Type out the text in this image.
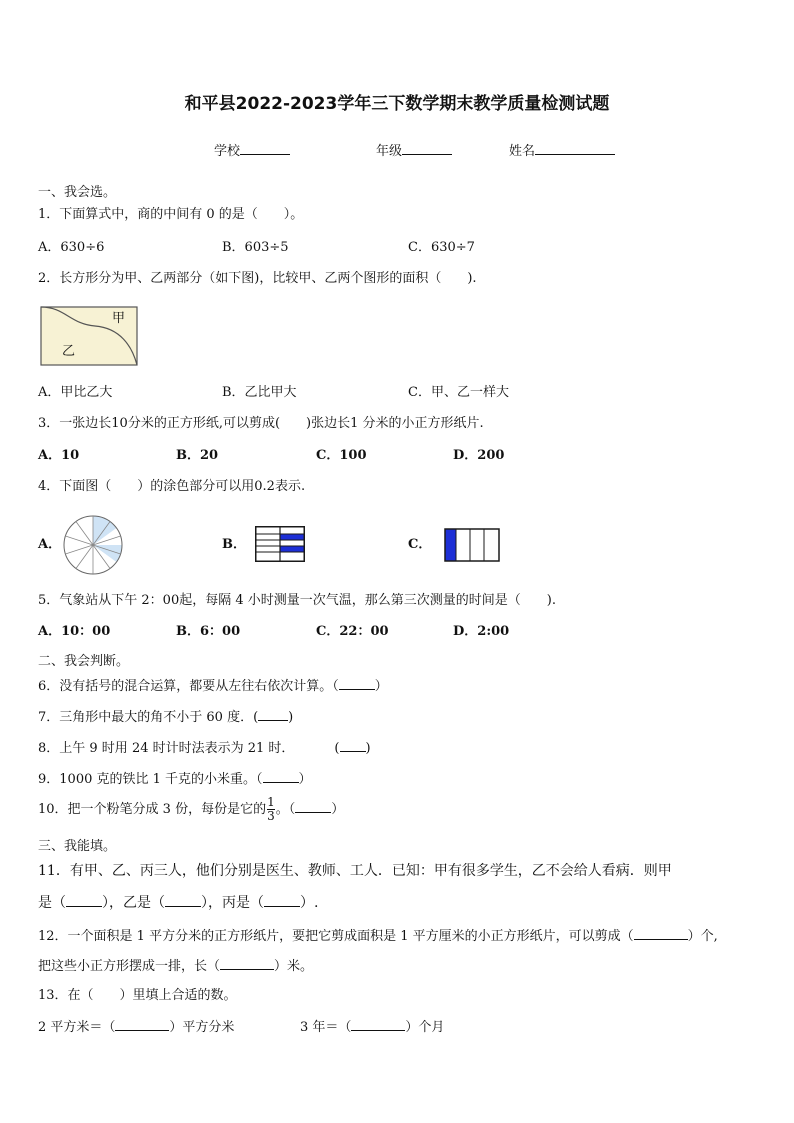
和平县2022-2023学年三下数学期末教学质量检测试题
学校	年级	姓名
一、我会选。
1．下面算式中，商的中间有 0 的是（　　）。
A．630÷6	B．603÷5	C．630÷7
2．长方形分为甲、乙两部分（如下图)，比较甲、乙两个图形的面积（　　).
甲
乙
A．甲比乙大	B．乙比甲大	C．甲、乙一样大
3．一张边长10分米的正方形纸,可以剪成(　　)张边长1 分米的小正方形纸片.
A．10	B．20	C．100	D．200
4．下面图（　　）的涂色部分可以用0.2表示.
A．	B．	C．
5．气象站从下午 2：00起，每隔 4 小时测量一次气温，那么第三次测量的时间是（　　).
A．10：00	B．6：00	C．22：00	D．2:00
二、我会判断。
6．没有括号的混合运算，都要从左往右依次计算。（	）
7．三角形中最大的角不小于 60 度．( )
8．上午 9 时用 24 时计时法表示为 21 时．	( )
9．1000 克的铁比 1 千克的小米重。（	）
10．把一个粉笔分成 3 份，每份是它的 $\frac{1}{3}$ 。（	）
三、我能填。
11．有甲、乙、丙三人，他们分别是医生、教师、工人．已知：甲有很多学生，乙不会给人看病．则甲
是（	），乙是（	），丙是（	）.
12．一个面积是 1 平方分米的正方形纸片，要把它剪成面积是 1 平方厘米的小正方形纸片，可以剪成（	）个,
把这些小正方形摆成一排，长（	）米。
13．在（　　）里填上合适的数。
2 平方米＝（	）平方分米	3 年＝（	）个月
